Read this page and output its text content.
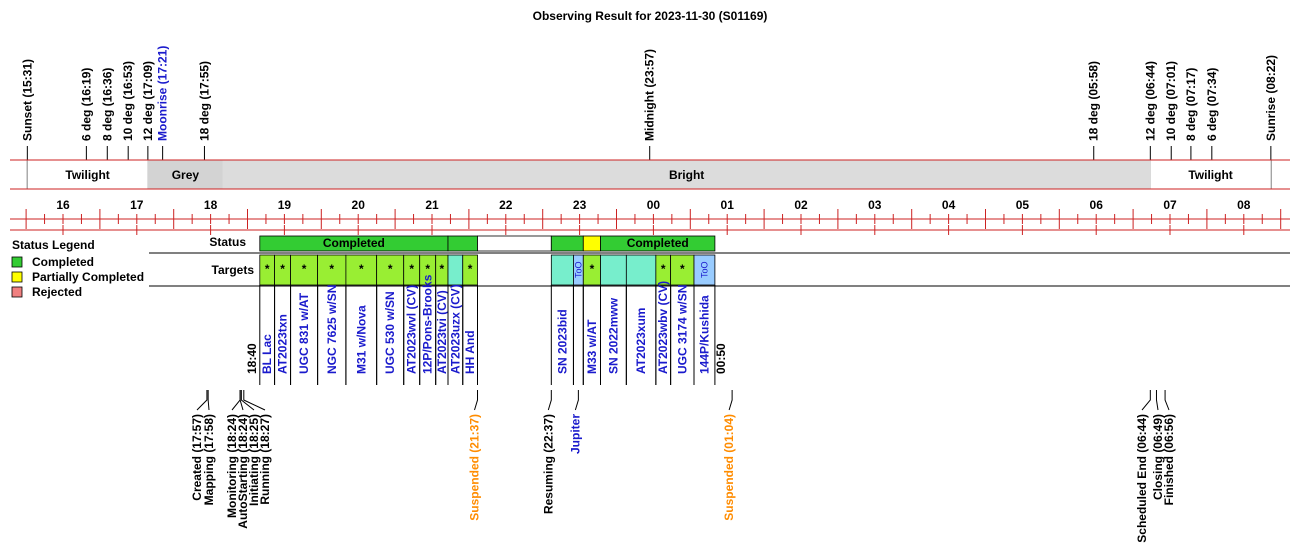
Observing Result for 2023-11-30 (S01169)
Sunset (15:31)	6 deg (16:19) 8 deg (16:36) 10 deg (16:53) 12 deg (17:09) Moonrise (17:21) 18 deg (17:55)	Midnight (23:57)	18 deg (05:58)	12 deg (06:44) 10 deg (07:01) 8 deg (07:17) 6 deg (07:34)	Sunrise (08:22)
Twilight	Grey	Bright	Twilight
16	17	18	19	20	21	22	23	00	01	02	03	04	05	06	07	08
Status Legend
Completed
Partially Completed
Rejected
Status	Completed	Completed
Targets *
BL Lac
*
AT2023txn
*
UGC 831 w/AT
*
NGC 7625 w/SN
*
M31 w/Nova
*
UGC 530 w/SN
*
AT2023wvl (CV)
*
12P/Pons-Brooks
*
AT2023tvi (CV) AT2023uzx (CV)
*
HH And	SN 2023bid
ToO *
M33 w/AT SN 2022mww AT2023xum
*
AT2023wbv (CV)
*
UGC 3174 w/SN
ToO
144P/Kushida
18:40	00:50
Created (17:57)
Mapping (17:58) Monitoring (18:24)
AutoStarting (18:24)
Initiating (18:25)
Running (18:27)	Suspended (21:37)	Resuming (22:37) Jupiter	Suspended (01:04)	Scheduled End (06:44) Closing (06:49)
Finished (06:56)
